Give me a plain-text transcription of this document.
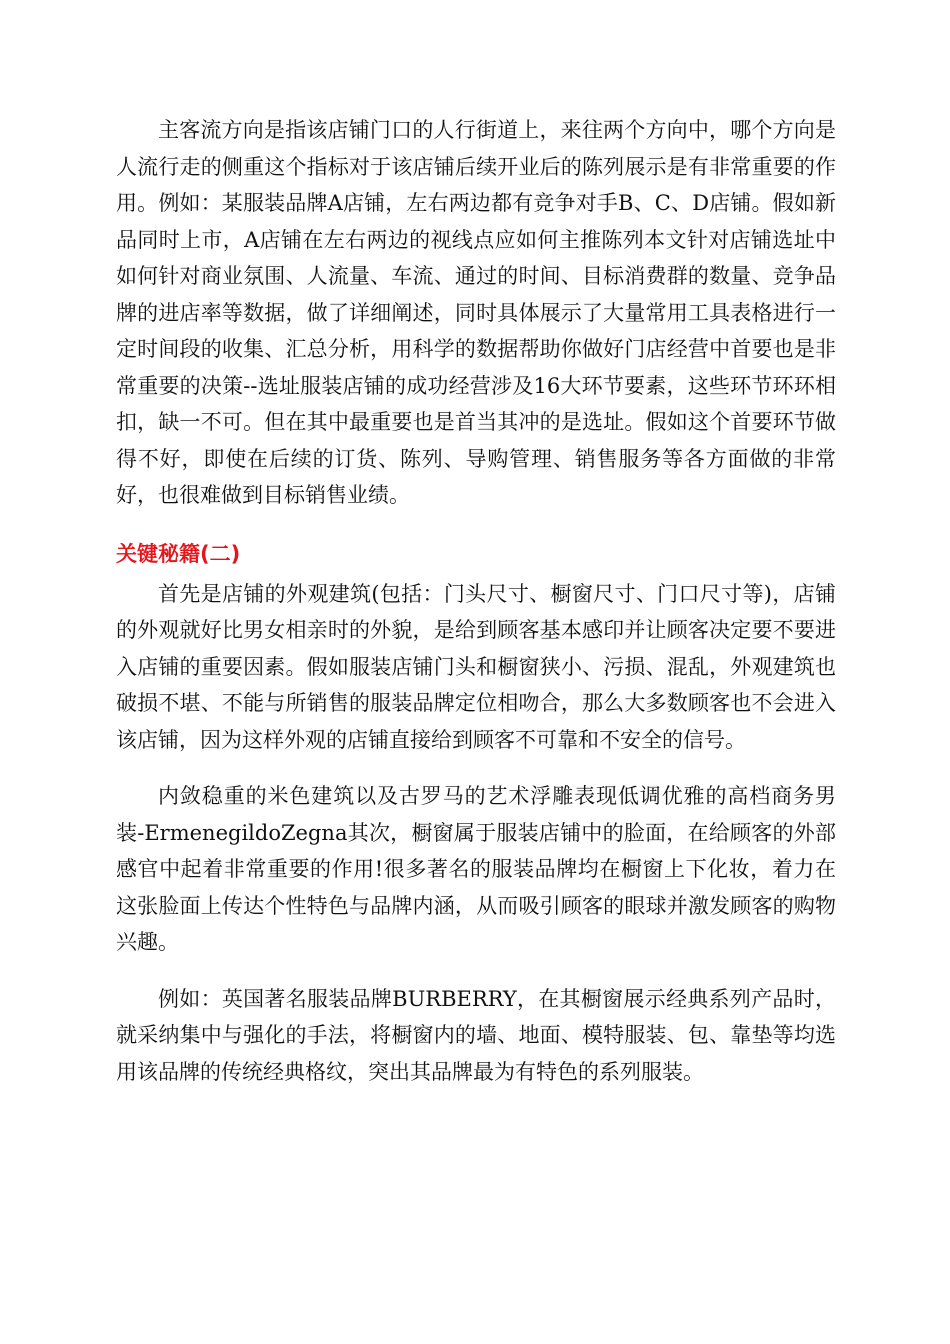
主客流方向是指该店铺门口的人行街道上，来往两个方向中，哪个方向是人流行走的侧重这个指标对于该店铺后续开业后的陈列展示是有非常重要的作用。例如：某服装品牌A店铺，左右两边都有竞争对手B、C、D店铺。假如新品同时上市，A店铺在左右两边的视线点应如何主推陈列本文针对店铺选址中如何针对商业氛围、人流量、车流、通过的时间、目标消费群的数量、竞争品牌的进店率等数据，做了详细阐述，同时具体展示了大量常用工具表格进行一定时间段的收集、汇总分析，用科学的数据帮助你做好门店经营中首要也是非常重要的决策--选址服装店铺的成功经营涉及16大环节要素，这些环节环环相扣，缺一不可。但在其中最重要也是首当其冲的是选址。假如这个首要环节做得不好，即使在后续的订货、陈列、导购管理、销售服务等各方面做的非常好，也很难做到目标销售业绩。

关键秘籍(二)

首先是店铺的外观建筑(包括：门头尺寸、橱窗尺寸、门口尺寸等)，店铺的外观就好比男女相亲时的外貌，是给到顾客基本感印并让顾客决定要不要进入店铺的重要因素。假如服装店铺门头和橱窗狭小、污损、混乱，外观建筑也破损不堪、不能与所销售的服装品牌定位相吻合，那么大多数顾客也不会进入该店铺，因为这样外观的店铺直接给到顾客不可靠和不安全的信号。

内敛稳重的米色建筑以及古罗马的艺术浮雕表现低调优雅的高档商务男装-ErmenegildoZegna其次，橱窗属于服装店铺中的脸面，在给顾客的外部感官中起着非常重要的作用!很多著名的服装品牌均在橱窗上下化妆，着力在这张脸面上传达个性特色与品牌内涵，从而吸引顾客的眼球并激发顾客的购物兴趣。

例如：英国著名服装品牌BURBERRY，在其橱窗展示经典系列产品时，就采纳集中与强化的手法，将橱窗内的墙、地面、模特服装、包、靠垫等均选用该品牌的传统经典格纹，突出其品牌最为有特色的系列服装。
